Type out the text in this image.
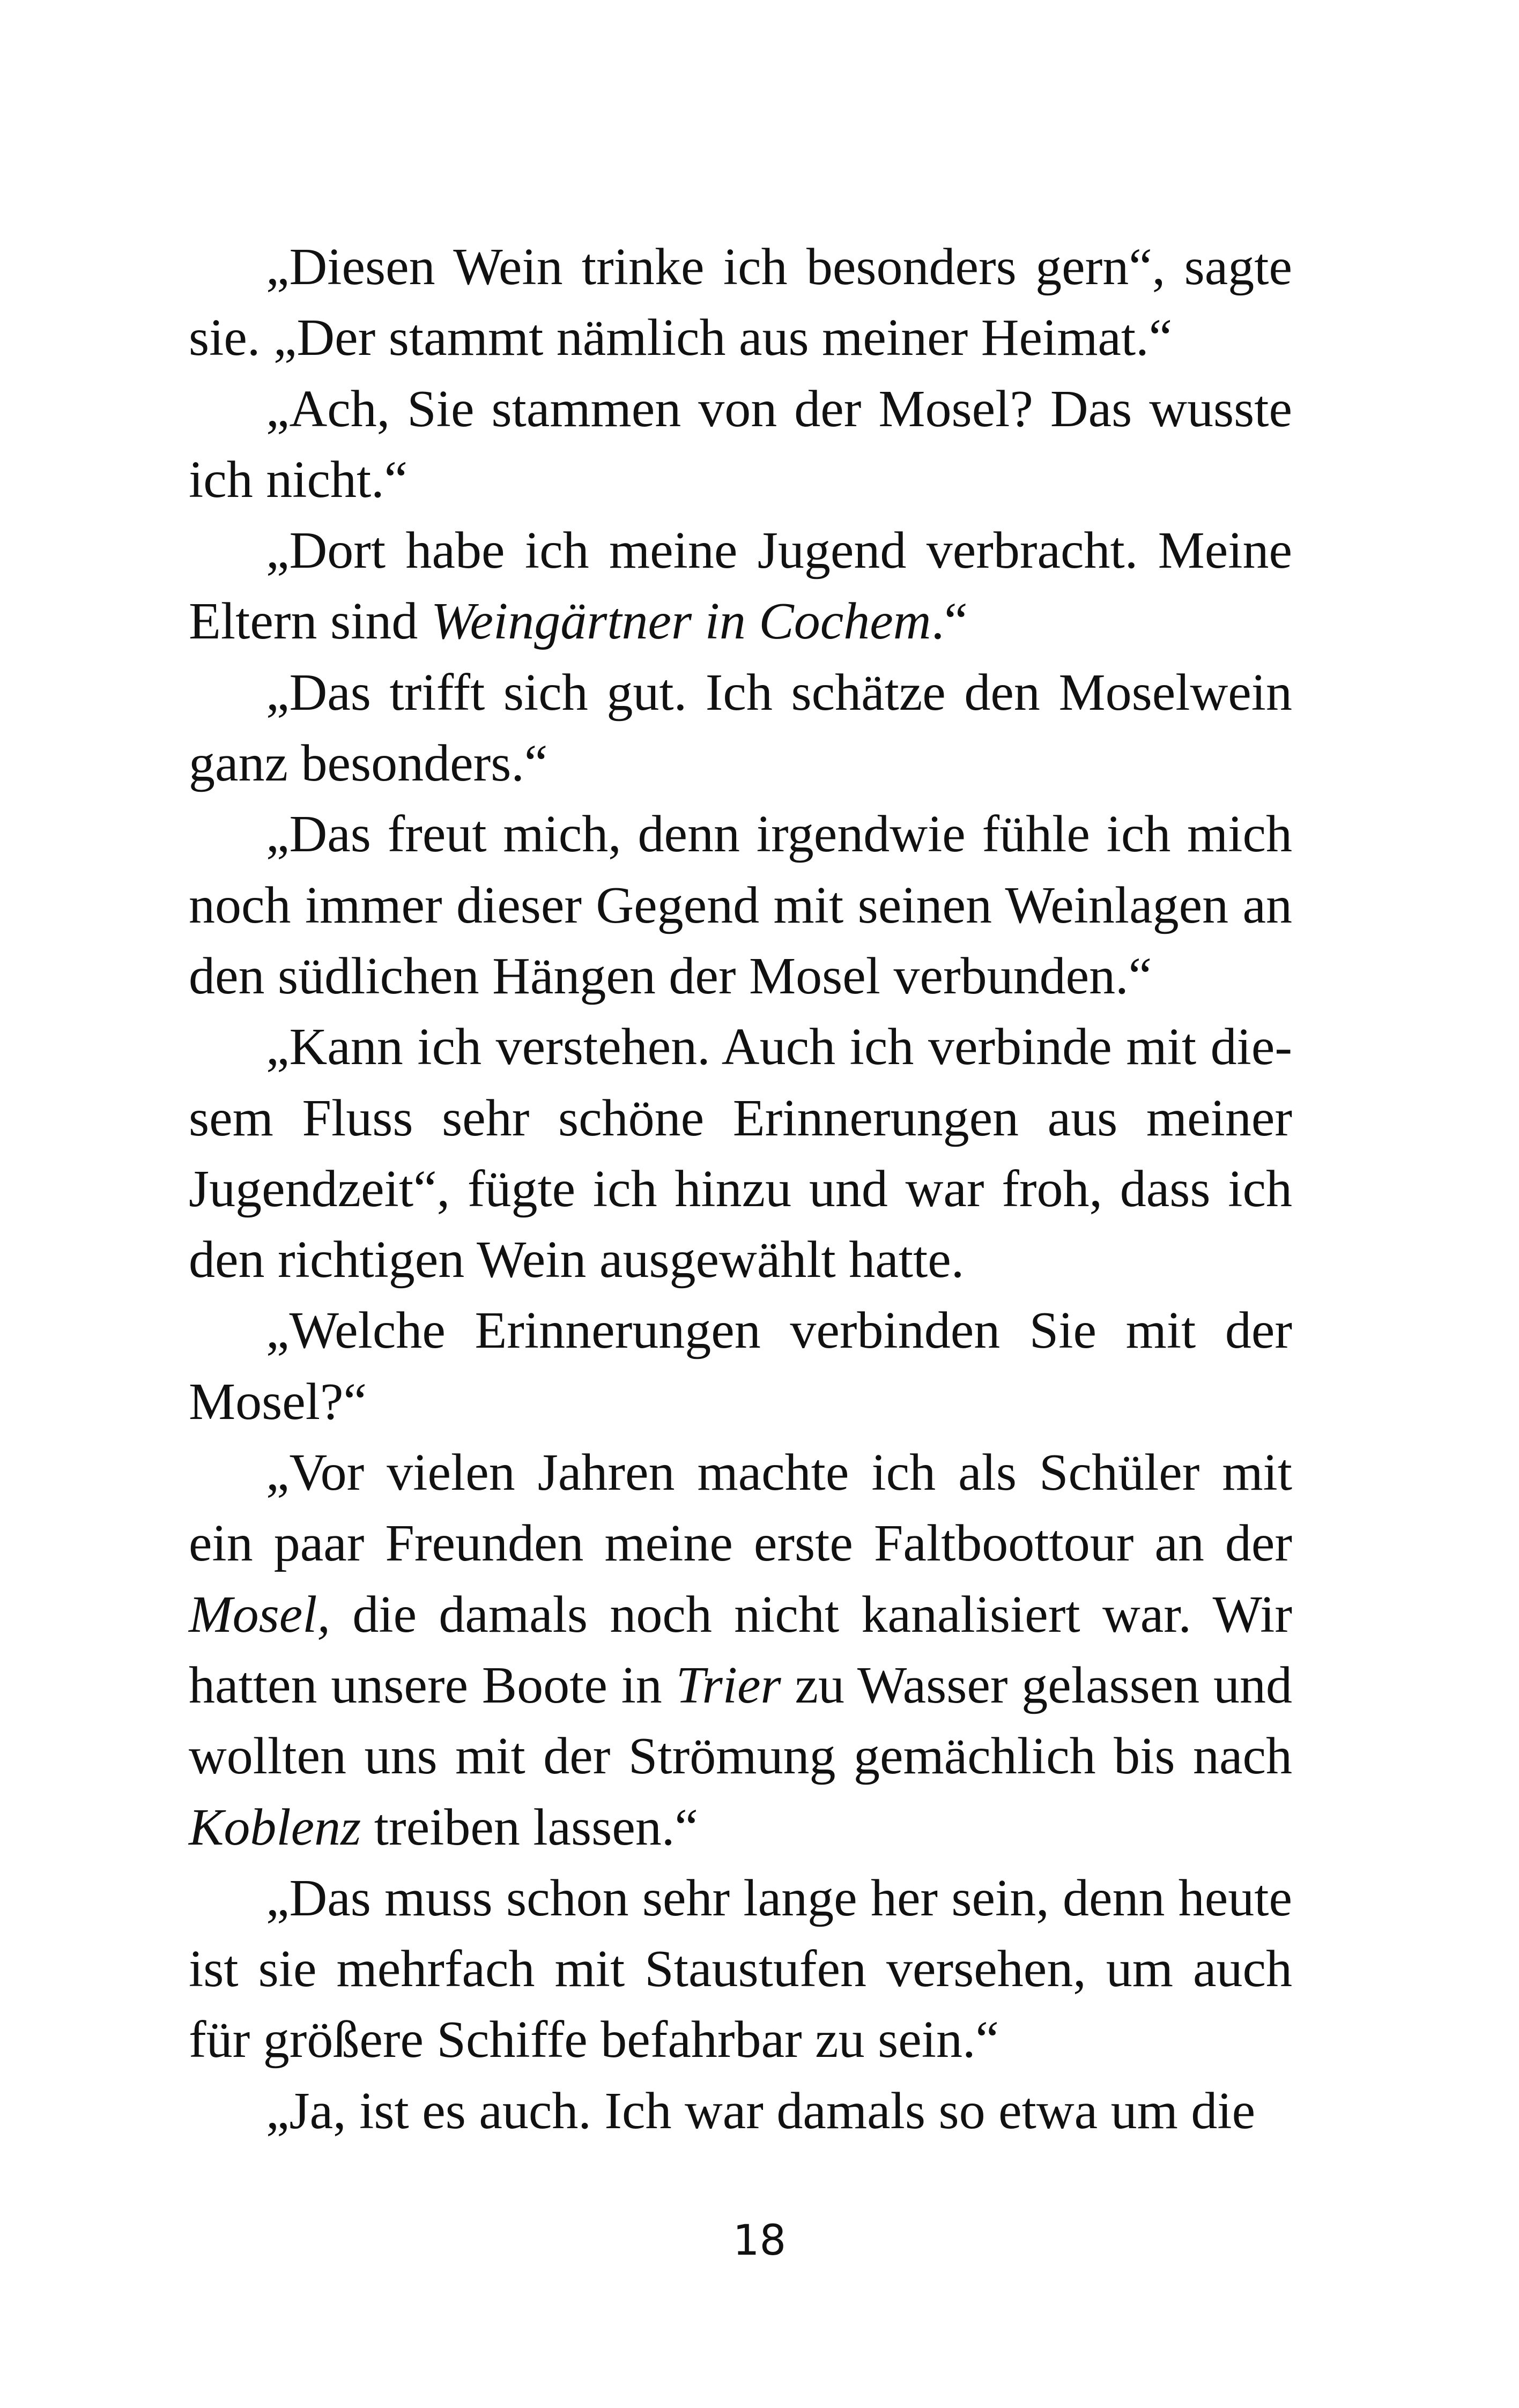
„Diesen Wein trinke ich besonders gern“, sagte sie. „Der stammt nämlich aus meiner Heimat.“

„Ach, Sie stammen von der Mosel? Das wusste ich nicht.“

„Dort habe ich meine Jugend verbracht. Meine Eltern sind Weingärtner in Cochem.“

„Das trifft sich gut. Ich schätze den Moselwein ganz besonders.“

„Das freut mich, denn irgendwie fühle ich mich noch immer dieser Gegend mit seinen Weinlagen an den südlichen Hängen der Mosel verbunden.“

„Kann ich verstehen. Auch ich verbinde mit diesem Fluss sehr schöne Erinnerungen aus meiner Jugendzeit“, fügte ich hinzu und war froh, dass ich den richtigen Wein ausgewählt hatte.

„Welche Erinnerungen verbinden Sie mit der Mosel?“

„Vor vielen Jahren machte ich als Schüler mit ein paar Freunden meine erste Faltboottour an der Mosel, die damals noch nicht kanalisiert war. Wir hatten unsere Boote in Trier zu Wasser gelassen und wollten uns mit der Strömung gemächlich bis nach Koblenz treiben lassen.“

„Das muss schon sehr lange her sein, denn heute ist sie mehrfach mit Staustufen versehen, um auch für größere Schiffe befahrbar zu sein.“

„Ja, ist es auch. Ich war damals so etwa um die

18
